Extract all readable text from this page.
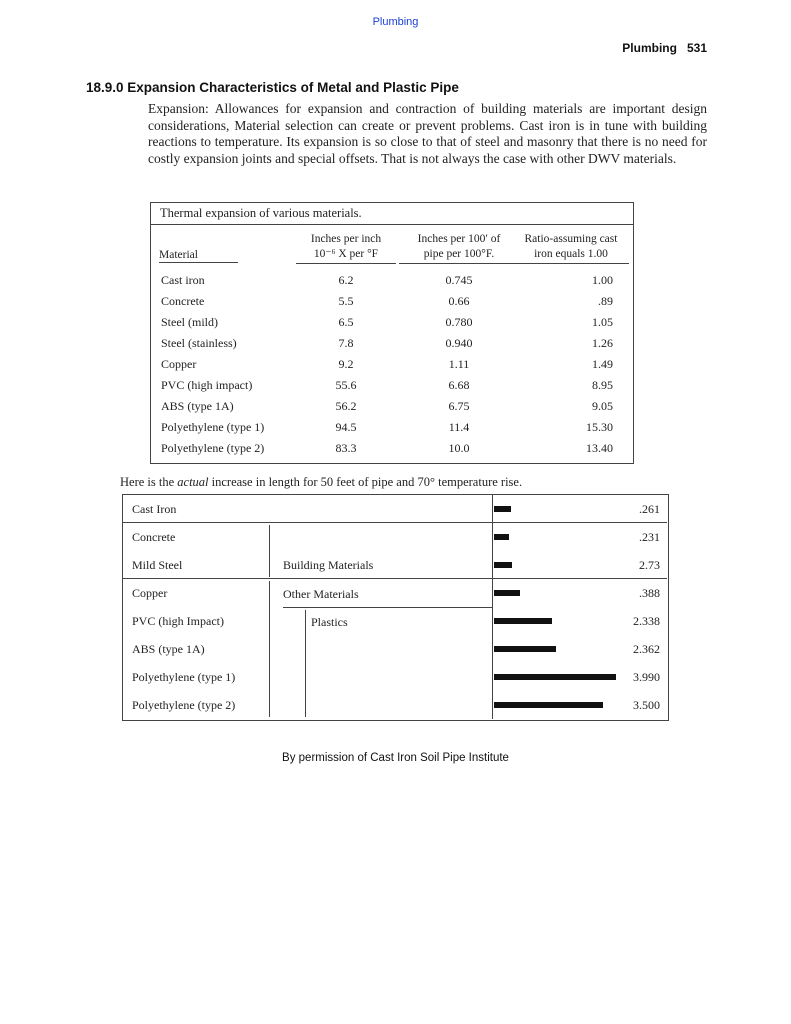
Plumbing
Plumbing 531
18.9.0 Expansion Characteristics of Metal and Plastic Pipe
Expansion: Allowances for expansion and contraction of building materials are important design considerations, Material selection can create or prevent problems. Cast iron is in tune with building reactions to temperature. Its expansion is so close to that of steel and masonry that there is no need for costly expansion joints and special offsets. That is not always the case with other DWV materials.
Thermal expansion of various materials.
Material
Inches per inch
10⁻⁶ X per °F
Inches per 100′ of
pipe per 100°F.
Ratio-assuming cast
iron equals 1.00
Cast iron	6.2	0.745	1.00
Concrete	5.5	0.66	.89
Steel (mild)	6.5	0.780	1.05
Steel (stainless)	7.8	0.940	1.26
Copper	9.2	1.11	1.49
PVC (high impact)	55.6	6.68	8.95
ABS (type 1A)	56.2	6.75	9.05
Polyethylene (type 1)	94.5	11.4	15.30
Polyethylene (type 2)	83.3	10.0	13.40
Here is the actual increase in length for 50 feet of pipe and 70° temperature rise.
Building Materials
Other Materials
Plastics
Cast Iron	.261
Concrete	.231
Mild Steel	2.73
Copper	.388
PVC (high Impact)	2.338
ABS (type 1A)	2.362
Polyethylene (type 1)	3.990
Polyethylene (type 2)	3.500
By permission of Cast Iron Soil Pipe Institute
